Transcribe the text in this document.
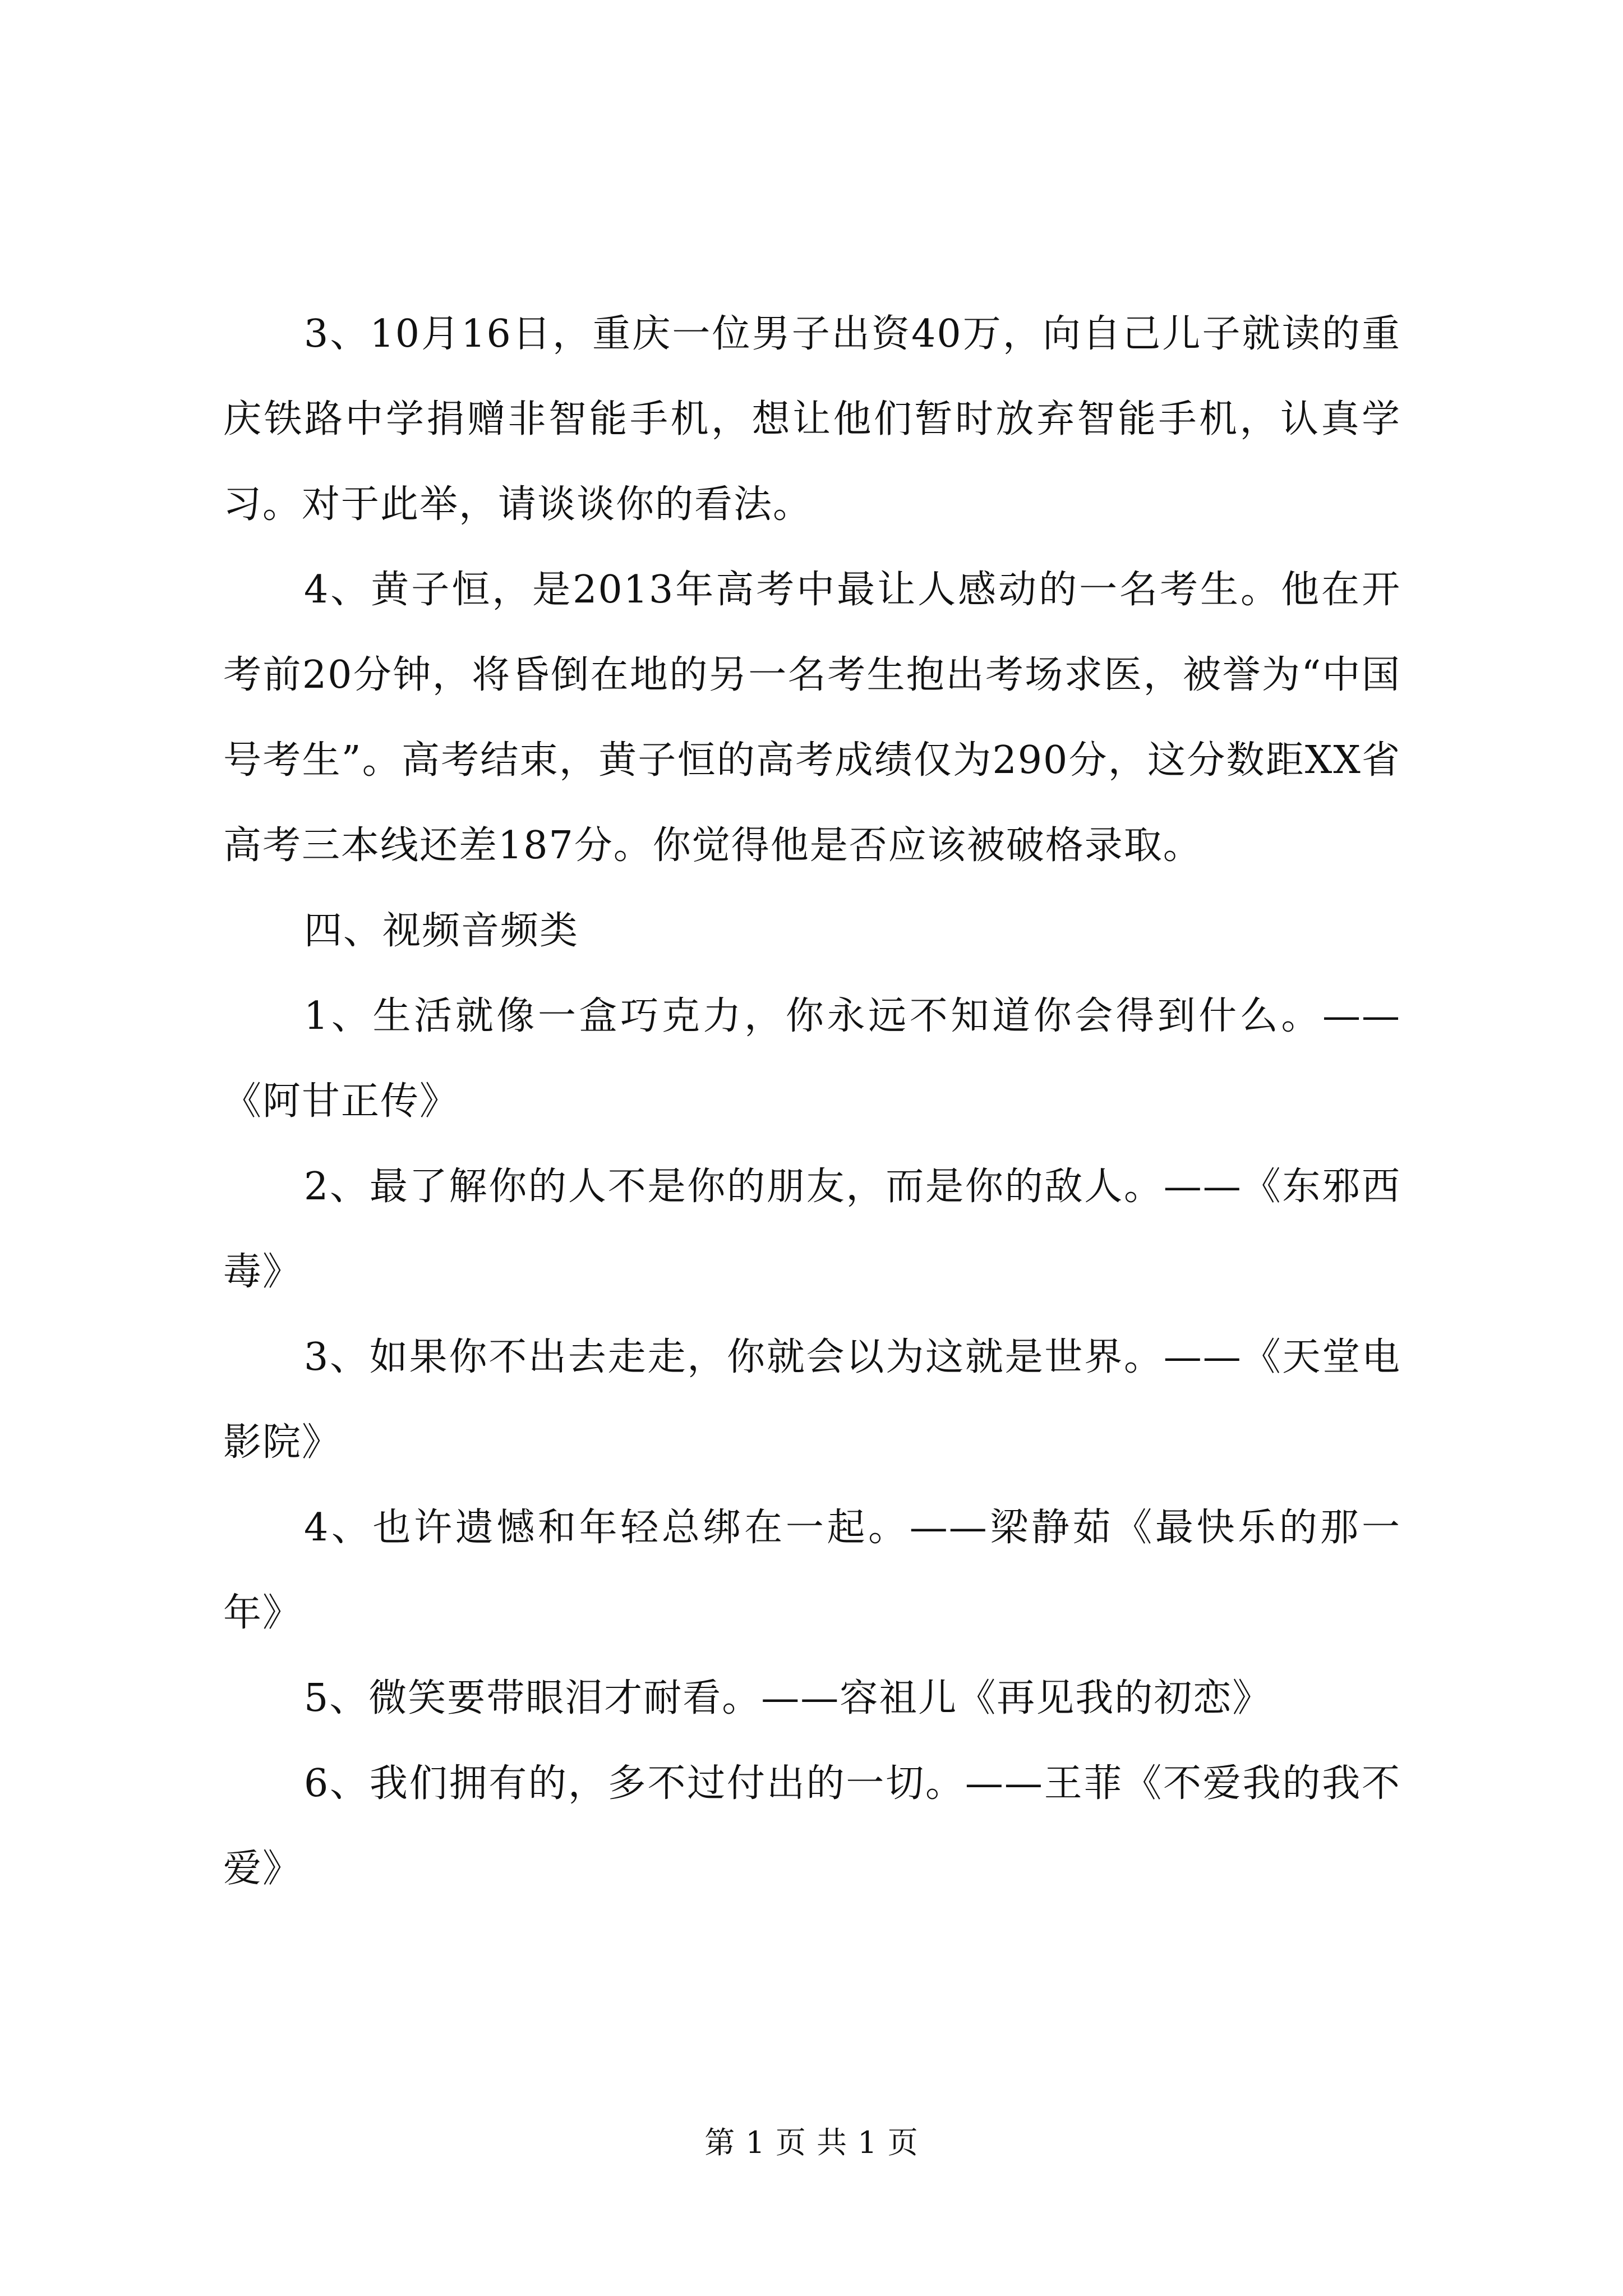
3、10月16日，重庆一位男子出资40万，向自己儿子就读的重庆铁路中学捐赠非智能手机，想让他们暂时放弃智能手机，认真学习。对于此举，请谈谈你的看法。

4、黄子恒，是2013年高考中最让人感动的一名考生。他在开考前20分钟，将昏倒在地的另一名考生抱出考场求医，被誉为“中国号考生”。高考结束，黄子恒的高考成绩仅为290分，这分数距XX省高考三本线还差187分。你觉得他是否应该被破格录取。

四、视频音频类

1、生活就像一盒巧克力，你永远不知道你会得到什么。——《阿甘正传》

2、最了解你的人不是你的朋友，而是你的敌人。——《东邪西毒》

3、如果你不出去走走，你就会以为这就是世界。——《天堂电影院》

4、也许遗憾和年轻总绑在一起。——梁静茹《最快乐的那一年》

5、微笑要带眼泪才耐看。——容祖儿《再见我的初恋》

6、我们拥有的，多不过付出的一切。——王菲《不爱我的我不爱》

第 1 页 共 1 页
